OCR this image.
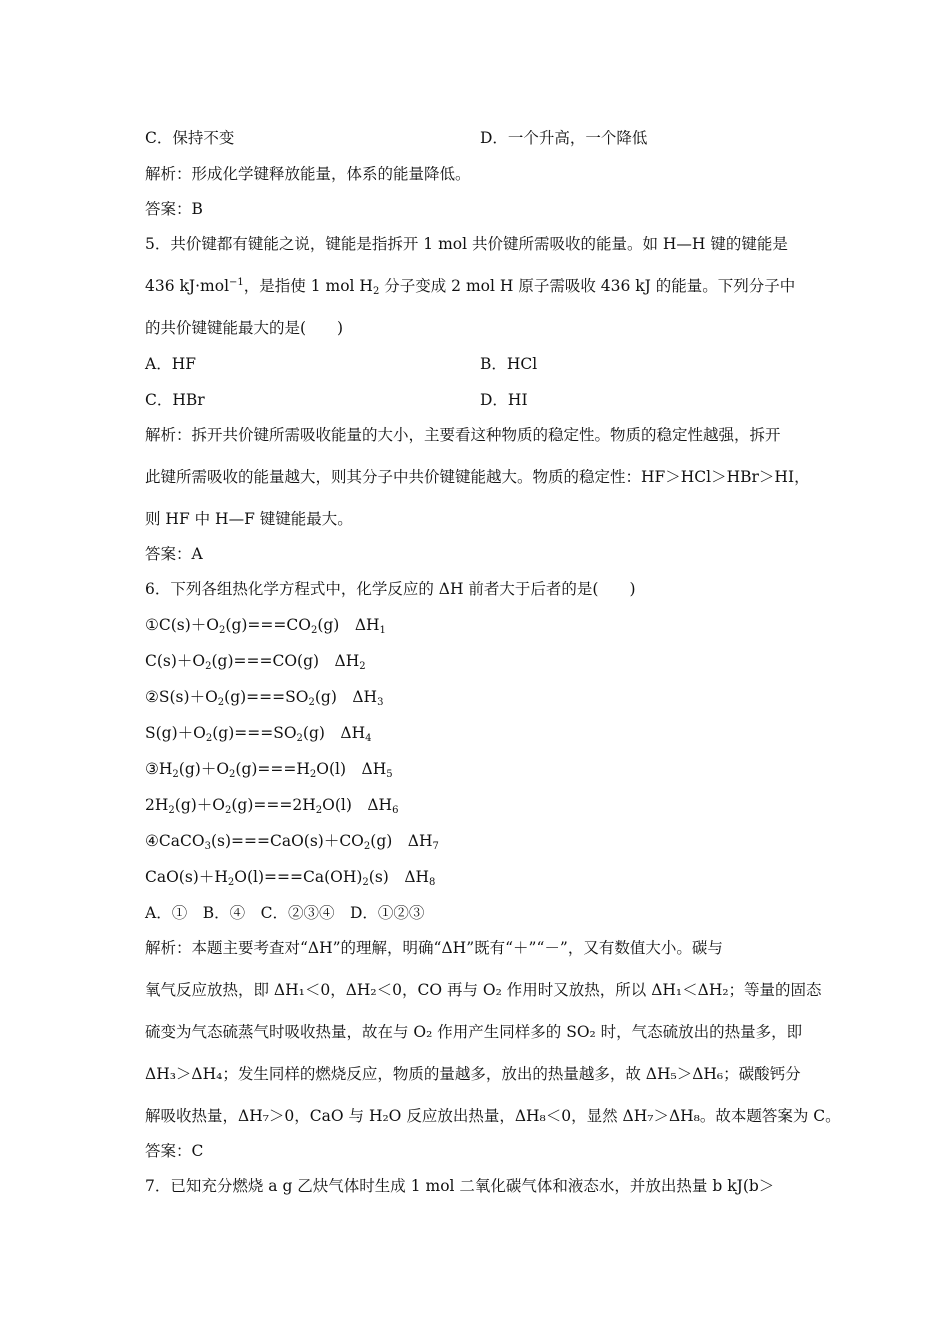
C．保持不变	D．一个升高，一个降低
解析：形成化学键释放能量，体系的能量降低。
答案：B
5．共价键都有键能之说，键能是指拆开 1 mol 共价键所需吸收的能量。如 H—H 键的键能是
436 kJ·mol$^{-1}$，是指使 1 mol $H_2$ 分子变成 2 mol H 原子需吸收 436 kJ 的能量。下列分子中
的共价键键能最大的是(　　)
A．HF	B．HCl
C．HBr	D．HI
解析：拆开共价键所需吸收能量的大小，主要看这种物质的稳定性。物质的稳定性越强，拆开
此键所需吸收的能量越大，则其分子中共价键键能越大。物质的稳定性：HF＞HCl＞HBr＞HI，
则 HF 中 H—F 键键能最大。
答案：A
6．下列各组热化学方程式中，化学反应的 ΔH 前者大于后者的是(　　)
$①C(s)+O_2(g)===CO_2(g)$　$\Delta H_1$
$C(s)+O_2(g)===CO(g)$　$\Delta H_2$
$②S(s)+O_2(g)===SO_2(g)$　$\Delta H_3$
$S(g)+O_2(g)===SO_2(g)$　$\Delta H_4$
$③H_2(g)+O_2(g)===H_2O(l)$　$\Delta H_5$
$2H_2(g)+O_2(g)===2H_2O(l)$　$\Delta H_6$
$④CaCO_3(s)===CaO(s)+CO_2(g)$　$\Delta H_7$
$CaO(s)+H_2O(l)===Ca(OH)_2(s)$　$\Delta H_8$
A．①　B．④　C．②③④　D．①②③
解析：本题主要考查对“ΔH”的理解，明确“ΔH”既有“＋”“－”，又有数值大小。碳与
氧气反应放热，即 ΔH₁＜0，ΔH₂＜0，CO 再与 O₂ 作用时又放热，所以 ΔH₁＜ΔH₂；等量的固态
硫变为气态硫蒸气时吸收热量，故在与 O₂ 作用产生同样多的 SO₂ 时，气态硫放出的热量多，即
ΔH₃＞ΔH₄；发生同样的燃烧反应，物质的量越多，放出的热量越多，故 ΔH₅＞ΔH₆；碳酸钙分
解吸收热量，ΔH₇＞0，CaO 与 H₂O 反应放出热量，ΔH₈＜0，显然 ΔH₇＞ΔH₈。故本题答案为 C。
答案：C
7．已知充分燃烧 a g 乙炔气体时生成 1 mol 二氧化碳气体和液态水，并放出热量 b kJ(b＞
